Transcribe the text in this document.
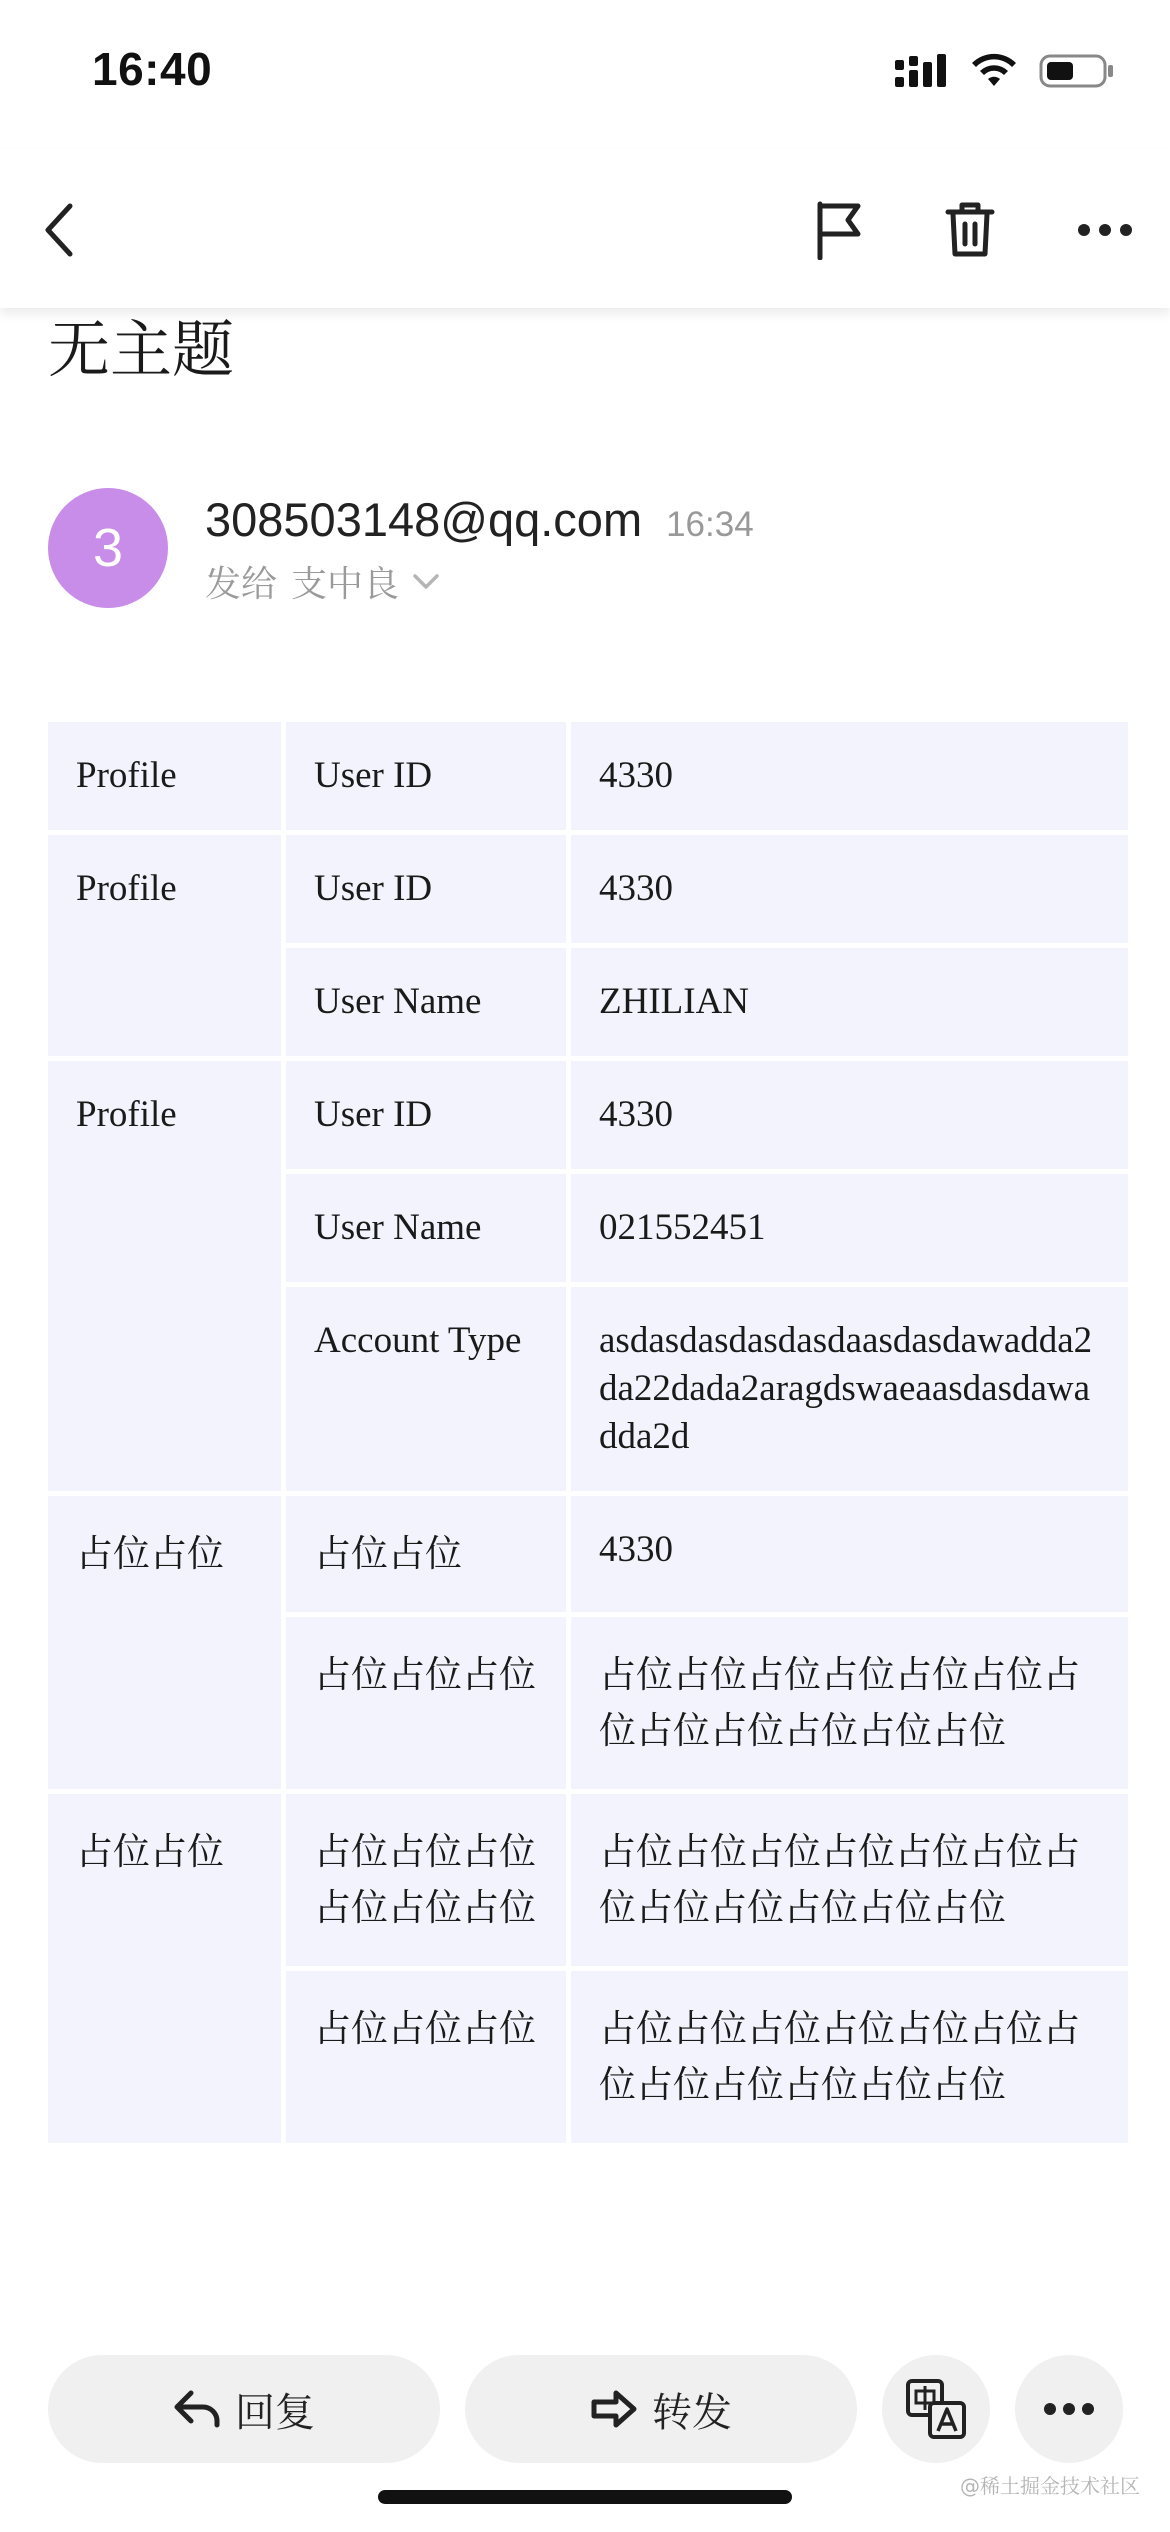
16:40
无主题
3	308503148@qq.com 16:34
发给 支中良
Profile	User ID	4330
Profile	User ID	4330
	User Name	ZHILIAN
Profile	User ID	4330
	User Name	021552451
	Account Type	asdasdasdasdasdaasdasdawadda2da22dada2aragdswaeaasdasdawadda2d
占位占位	占位占位	4330
	占位占位占位	占位占位占位占位占位占位占位占位占位占位占位占位
占位占位	占位占位占位占位占位占位	占位占位占位占位占位占位占位占位占位占位占位占位
	占位占位占位	占位占位占位占位占位占位占位占位占位占位占位占位
回复	转发
@稀土掘金技术社区
